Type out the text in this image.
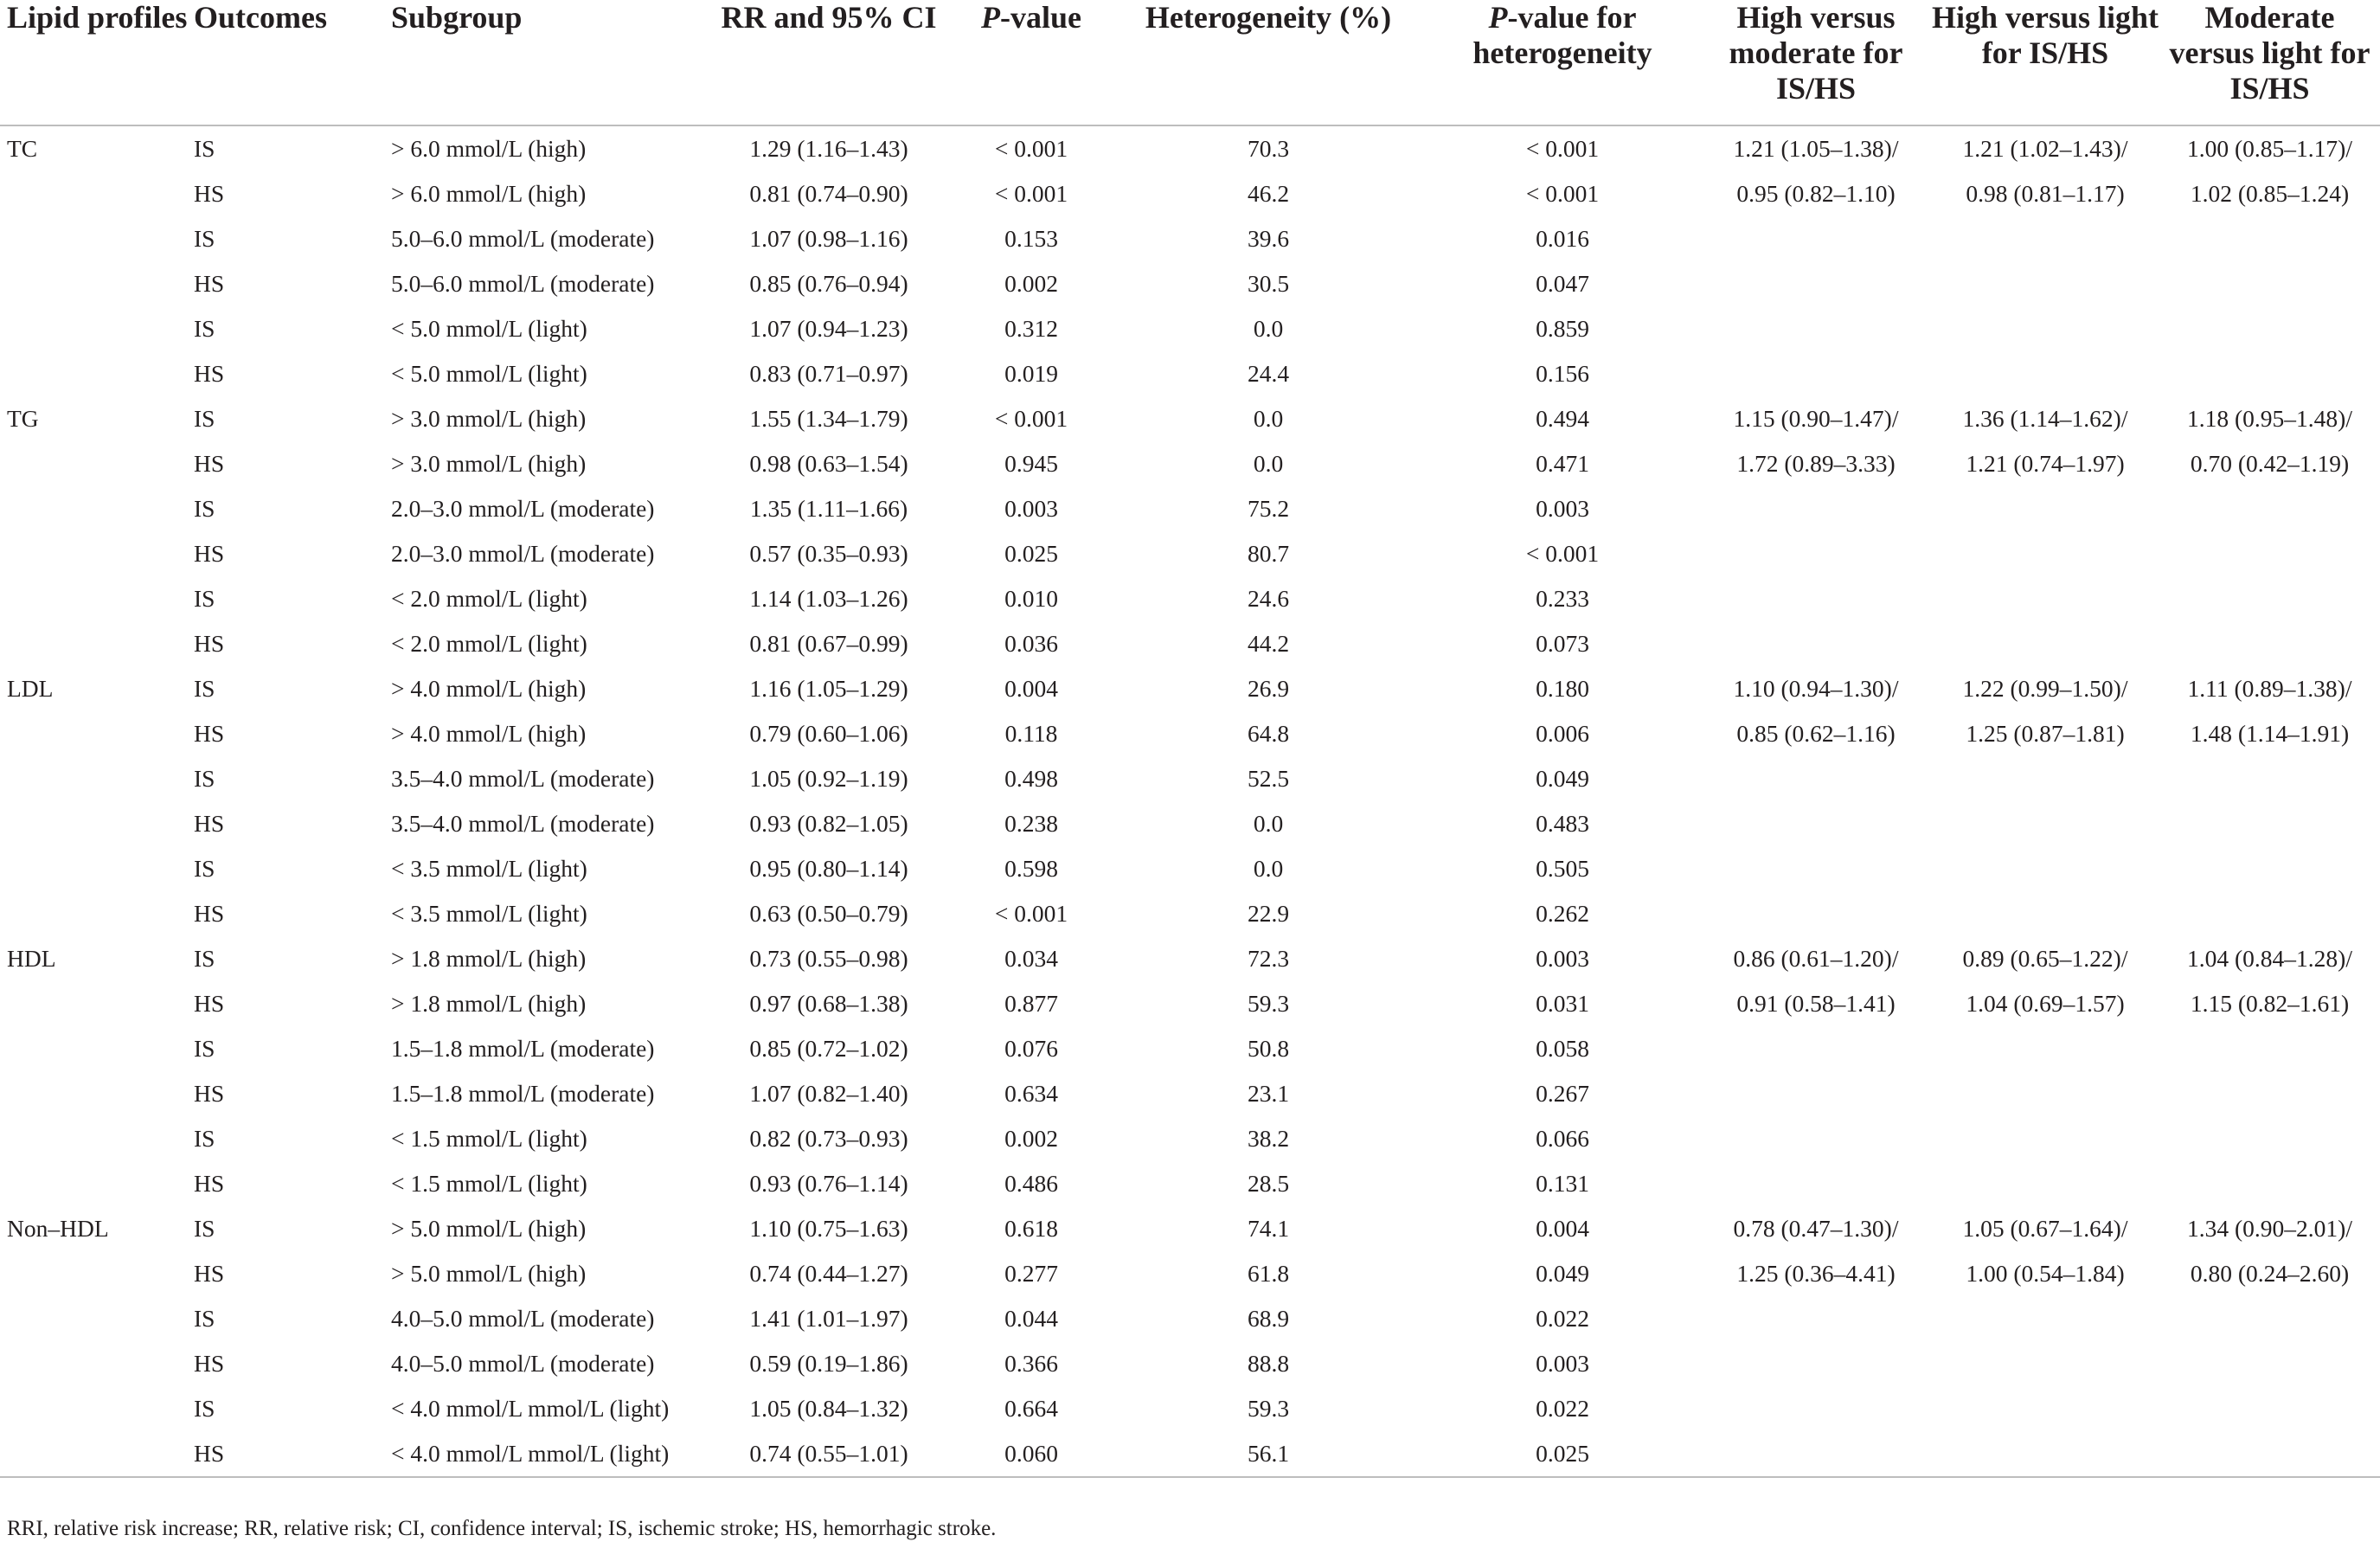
Lipid profiles	Outcomes	Subgroup	RR and 95% CI	P-value	Heterogeneity (%)	P-value for heterogeneity	High versus moderate for IS/HS	High versus light for IS/HS	Moderate versus light for IS/HS
TC	IS	> 6.0 mmol/L (high)	1.29 (1.16–1.43)	< 0.001	70.3	< 0.001	1.21 (1.05–1.38)/	1.21 (1.02–1.43)/	1.00 (0.85–1.17)/
	HS	> 6.0 mmol/L (high)	0.81 (0.74–0.90)	< 0.001	46.2	< 0.001	0.95 (0.82–1.10)	0.98 (0.81–1.17)	1.02 (0.85–1.24)
	IS	5.0–6.0 mmol/L (moderate)	1.07 (0.98–1.16)	0.153	39.6	0.016			
	HS	5.0–6.0 mmol/L (moderate)	0.85 (0.76–0.94)	0.002	30.5	0.047			
	IS	< 5.0 mmol/L (light)	1.07 (0.94–1.23)	0.312	0.0	0.859			
	HS	< 5.0 mmol/L (light)	0.83 (0.71–0.97)	0.019	24.4	0.156			
TG	IS	> 3.0 mmol/L (high)	1.55 (1.34–1.79)	< 0.001	0.0	0.494	1.15 (0.90–1.47)/	1.36 (1.14–1.62)/	1.18 (0.95–1.48)/
	HS	> 3.0 mmol/L (high)	0.98 (0.63–1.54)	0.945	0.0	0.471	1.72 (0.89–3.33)	1.21 (0.74–1.97)	0.70 (0.42–1.19)
	IS	2.0–3.0 mmol/L (moderate)	1.35 (1.11–1.66)	0.003	75.2	0.003			
	HS	2.0–3.0 mmol/L (moderate)	0.57 (0.35–0.93)	0.025	80.7	< 0.001			
	IS	< 2.0 mmol/L (light)	1.14 (1.03–1.26)	0.010	24.6	0.233			
	HS	< 2.0 mmol/L (light)	0.81 (0.67–0.99)	0.036	44.2	0.073			
LDL	IS	> 4.0 mmol/L (high)	1.16 (1.05–1.29)	0.004	26.9	0.180	1.10 (0.94–1.30)/	1.22 (0.99–1.50)/	1.11 (0.89–1.38)/
	HS	> 4.0 mmol/L (high)	0.79 (0.60–1.06)	0.118	64.8	0.006	0.85 (0.62–1.16)	1.25 (0.87–1.81)	1.48 (1.14–1.91)
	IS	3.5–4.0 mmol/L (moderate)	1.05 (0.92–1.19)	0.498	52.5	0.049			
	HS	3.5–4.0 mmol/L (moderate)	0.93 (0.82–1.05)	0.238	0.0	0.483			
	IS	< 3.5 mmol/L (light)	0.95 (0.80–1.14)	0.598	0.0	0.505			
	HS	< 3.5 mmol/L (light)	0.63 (0.50–0.79)	< 0.001	22.9	0.262			
HDL	IS	> 1.8 mmol/L (high)	0.73 (0.55–0.98)	0.034	72.3	0.003	0.86 (0.61–1.20)/	0.89 (0.65–1.22)/	1.04 (0.84–1.28)/
	HS	> 1.8 mmol/L (high)	0.97 (0.68–1.38)	0.877	59.3	0.031	0.91 (0.58–1.41)	1.04 (0.69–1.57)	1.15 (0.82–1.61)
	IS	1.5–1.8 mmol/L (moderate)	0.85 (0.72–1.02)	0.076	50.8	0.058			
	HS	1.5–1.8 mmol/L (moderate)	1.07 (0.82–1.40)	0.634	23.1	0.267			
	IS	< 1.5 mmol/L (light)	0.82 (0.73–0.93)	0.002	38.2	0.066			
	HS	< 1.5 mmol/L (light)	0.93 (0.76–1.14)	0.486	28.5	0.131			
Non–HDL	IS	> 5.0 mmol/L (high)	1.10 (0.75–1.63)	0.618	74.1	0.004	0.78 (0.47–1.30)/	1.05 (0.67–1.64)/	1.34 (0.90–2.01)/
	HS	> 5.0 mmol/L (high)	0.74 (0.44–1.27)	0.277	61.8	0.049	1.25 (0.36–4.41)	1.00 (0.54–1.84)	0.80 (0.24–2.60)
	IS	4.0–5.0 mmol/L (moderate)	1.41 (1.01–1.97)	0.044	68.9	0.022			
	HS	4.0–5.0 mmol/L (moderate)	0.59 (0.19–1.86)	0.366	88.8	0.003			
	IS	< 4.0 mmol/L mmol/L (light)	1.05 (0.84–1.32)	0.664	59.3	0.022			
	HS	< 4.0 mmol/L mmol/L (light)	0.74 (0.55–1.01)	0.060	56.1	0.025			
RRI, relative risk increase; RR, relative risk; CI, confidence interval; IS, ischemic stroke; HS, hemorrhagic stroke.
